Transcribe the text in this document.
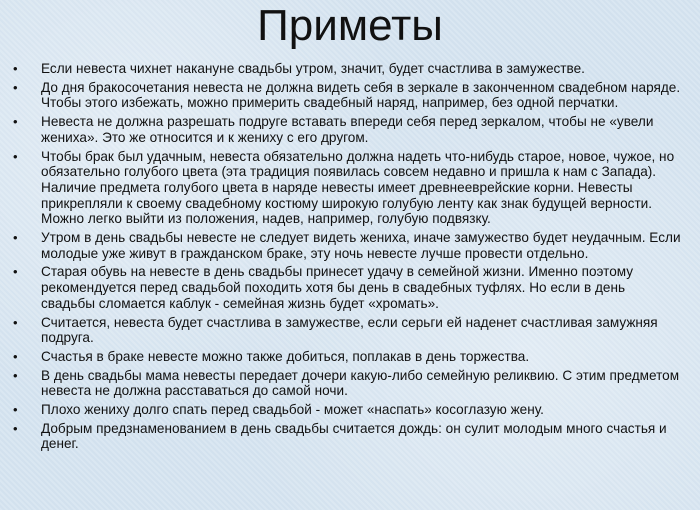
Приметы
• Если невеста чихнет накануне свадьбы утром, значит, будет счастлива в замужестве.
• До дня бракосочетания невеста не должна видеть себя в зеркале в законченном свадебном наряде. Чтобы этого избежать, можно примерить свадебный наряд, например, без одной перчатки.
• Невеста не должна разрешать подруге вставать впереди себя перед зеркалом, чтобы не «увели жениха». Это же относится и к жениху с его другом.
• Чтобы брак был удачным, невеста обязательно должна надеть что-нибудь старое, новое, чужое, но обязательно голубого цвета (эта традиция появилась совсем недавно и пришла к нам с Запада). Наличие предмета голубого цвета в наряде невесты имеет древнееврейские корни. Невесты прикрепляли к своему свадебному костюму широкую голубую ленту как знак будущей верности. Можно легко выйти из положения, надев, например, голубую подвязку.
• Утром в день свадьбы невесте не следует видеть жениха, иначе замужество будет неудачным. Если молодые уже живут в гражданском браке, эту ночь невесте лучше провести отдельно.
• Старая обувь на невесте в день свадьбы принесет удачу в семейной жизни. Именно поэтому рекомендуется перед свадьбой походить хотя бы день в свадебных туфлях. Но если в день свадьбы сломается каблук - семейная жизнь будет «хромать».
• Считается, невеста будет счастлива в замужестве, если серьги ей наденет счастливая замужняя подруга.
• Счастья в браке невесте можно также добиться, поплакав в день торжества.
• В день свадьбы мама невесты передает дочери какую-либо семейную реликвию. С этим предметом невеста не должна расставаться до самой ночи.
• Плохо жениху долго спать перед свадьбой - может «наспать» косоглазую жену.
• Добрым предзнаменованием в день свадьбы считается дождь: он сулит молодым много счастья и денег.
